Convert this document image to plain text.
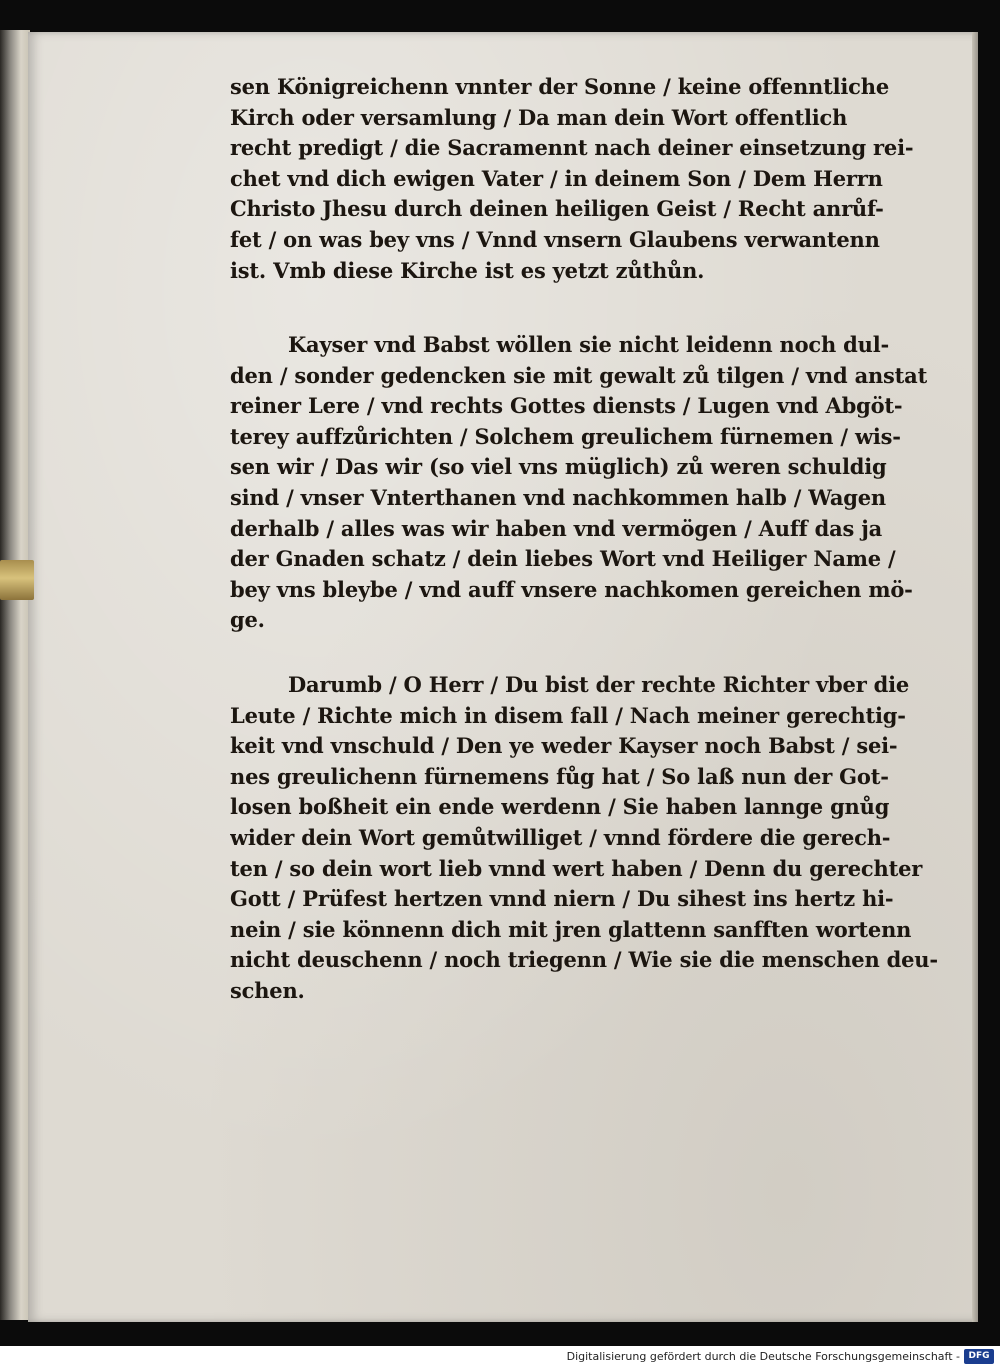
sen Königreichenn vnnter der Sonne / keine offenntliche
Kirch oder versamlung / Da man dein Wort offentlich
recht predigt / die Sacramennt nach deiner einsetzung rei-
chet vnd dich ewigen Vater / in deinem Son / Dem Herrn
Christo Jhesu durch deinen heiligen Geist / Recht anrůf-
fet / on was bey vns / Vnnd vnsern Glaubens verwantenn
ist. Vmb diese Kirche ist es yetzt zůthůn.

Kayser vnd Babst wöllen sie nicht leidenn noch dul-
den / sonder gedencken sie mit gewalt zů tilgen / vnd anstat
reiner Lere / vnd rechts Gottes diensts / Lugen vnd Abgöt-
terey auffzůrichten / Solchem greulichem fürnemen / wis-
sen wir / Das wir (so viel vns müglich) zů weren schuldig
sind / vnser Vnterthanen vnd nachkommen halb / Wagen
derhalb / alles was wir haben vnd vermögen / Auff das ja
der Gnaden schatz / dein liebes Wort vnd Heiliger Name /
bey vns bleybe / vnd auff vnsere nachkomen gereichen mö-
ge.

Darumb / O Herr / Du bist der rechte Richter vber die
Leute / Richte mich in disem fall / Nach meiner gerechtig-
keit vnd vnschuld / Den ye weder Kayser noch Babst / sei-
nes greulichenn fürnemens fůg hat / So laß nun der Got-
losen boßheit ein ende werdenn / Sie haben lannge gnůg
wider dein Wort gemůtwilliget / vnnd fördere die gerech-
ten / so dein wort lieb vnnd wert haben / Denn du gerechter
Gott / Prüfest hertzen vnnd niern / Du sihest ins hertz hi-
nein / sie könnenn dich mit jren glattenn sanfften wortenn
nicht deuschenn / noch triegenn / Wie sie die menschen deu-
schen.

Digitalisierung gefördert durch die Deutsche Forschungsgemeinschaft - DFG
